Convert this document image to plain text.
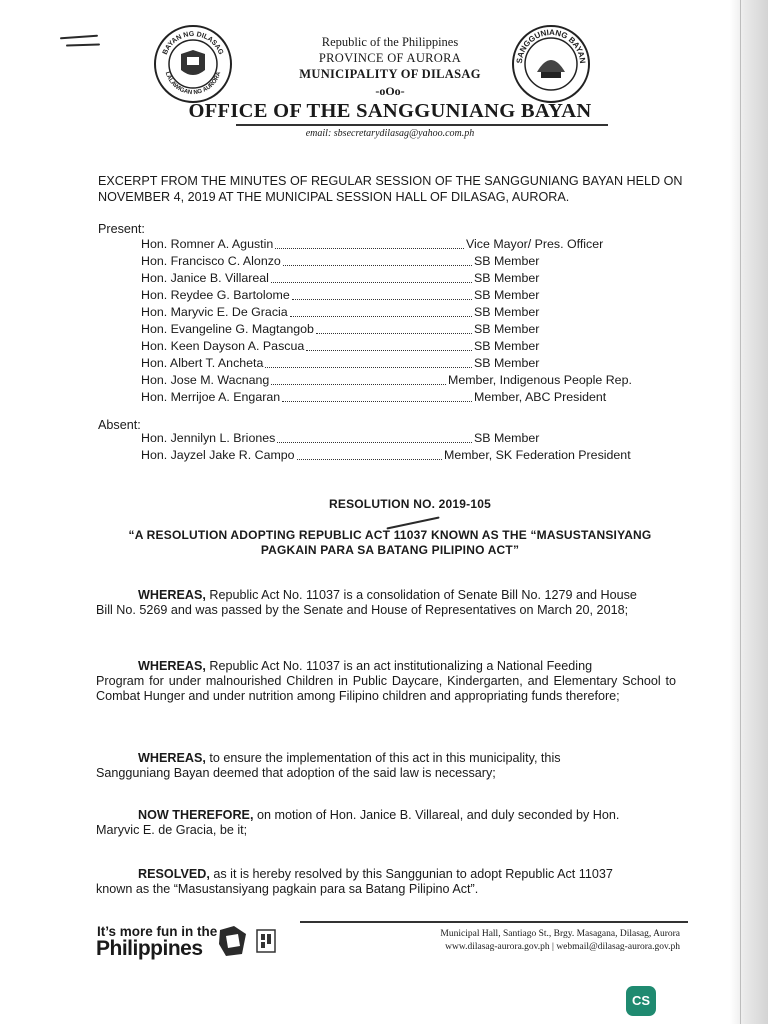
BAYAN NG DILASAG
LALAWIGAN NG AURORA
SANGGUNIANG BAYAN
Republic of the Philippines
PROVINCE OF AURORA
MUNICIPALITY OF DILASAG
-oOo-
OFFICE OF THE SANGGUNIANG BAYAN
email: sbsecretarydilasag@yahoo.com.ph
EXCERPT FROM THE MINUTES OF REGULAR SESSION OF THE SANGGUNIANG BAYAN HELD ON
NOVEMBER 4, 2019 AT THE MUNICIPAL SESSION HALL OF DILASAG, AURORA.
Present:
Hon. Romner A. Agustin	Vice Mayor/ Pres. Officer
Hon. Francisco C. Alonzo	SB Member
Hon. Janice B. Villareal	SB Member
Hon. Reydee G. Bartolome	SB Member
Hon. Maryvic E. De Gracia	SB Member
Hon. Evangeline G. Magtangob	SB Member
Hon. Keen Dayson A. Pascua	SB Member
Hon. Albert T. Ancheta	SB Member
Hon. Jose M. Wacnang	Member, Indigenous People Rep.
Hon. Merrijoe A. Engaran	Member, ABC President
Absent:
Hon. Jennilyn L. Briones	SB Member
Hon. Jayzel Jake R. Campo	Member, SK Federation President
RESOLUTION NO. 2019-105
“A RESOLUTION ADOPTING REPUBLIC ACT 11037 KNOWN AS THE “MASUSTANSIYANG
PAGKAIN PARA SA BATANG PILIPINO ACT”
WHEREAS, Republic Act No. 11037 is a consolidation of Senate Bill No. 1279 and House
Bill No. 5269 and was passed by the Senate and House of Representatives on March 20, 2018;
WHEREAS, Republic Act No. 11037 is an act institutionalizing a National Feeding
Program for under malnourished Children in Public Daycare, Kindergarten, and Elementary School to Combat Hunger and under nutrition among Filipino children and appropriating funds therefore;
WHEREAS, to ensure the implementation of this act in this municipality, this
Sangguniang Bayan deemed that adoption of the said law is necessary;
NOW THEREFORE, on motion of Hon. Janice B. Villareal, and duly seconded by Hon.
Maryvic E. de Gracia, be it;
RESOLVED, as it is hereby resolved by this Sanggunian to adopt Republic Act 11037
known as the “Masustansiyang pagkain para sa Batang Pilipino Act”.
It’s more fun in the
Philippines
Municipal Hall, Santiago St., Brgy. Masagana, Dilasag, Aurora
www.dilasag-aurora.gov.ph | webmail@dilasag-aurora.gov.ph
CS
